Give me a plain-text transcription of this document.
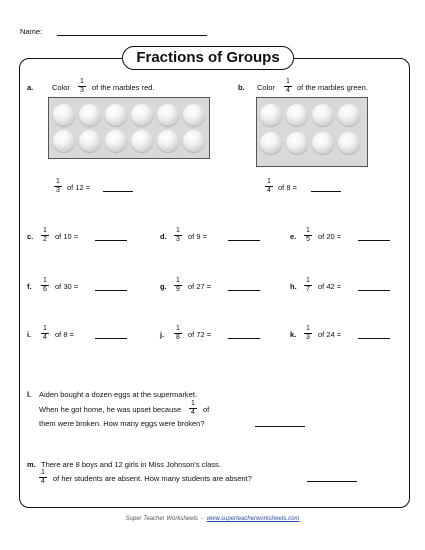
Name:
Fractions of Groups
a. Color
1
3	of the marbles red.
1
3 of 12 =
b. Color
1
4 of the marbles green.
1
4 of 8 =
c.
1
2	of 10 =	d.
1
3	of 9 =	e.
1
5	of 20 =
f.
1
6	of 30 =	g.
1
9	of 27 =	h.
1
7	of 42 =
i.
1
4	of 8 =	j.
1
8	of 72 =	k.
1
3	of 24 =
l. Aiden bought a dozen eggs at the supermarket.
When he got home, he was upset because
1
4	of
them were broken. How many eggs were broken?
m. There are 8 boys and 12 girls in Miss Johnson's class.
1
4	of her students are absent. How many students are absent?
Super Teacher Worksheets - www.superteacherworksheets.com
